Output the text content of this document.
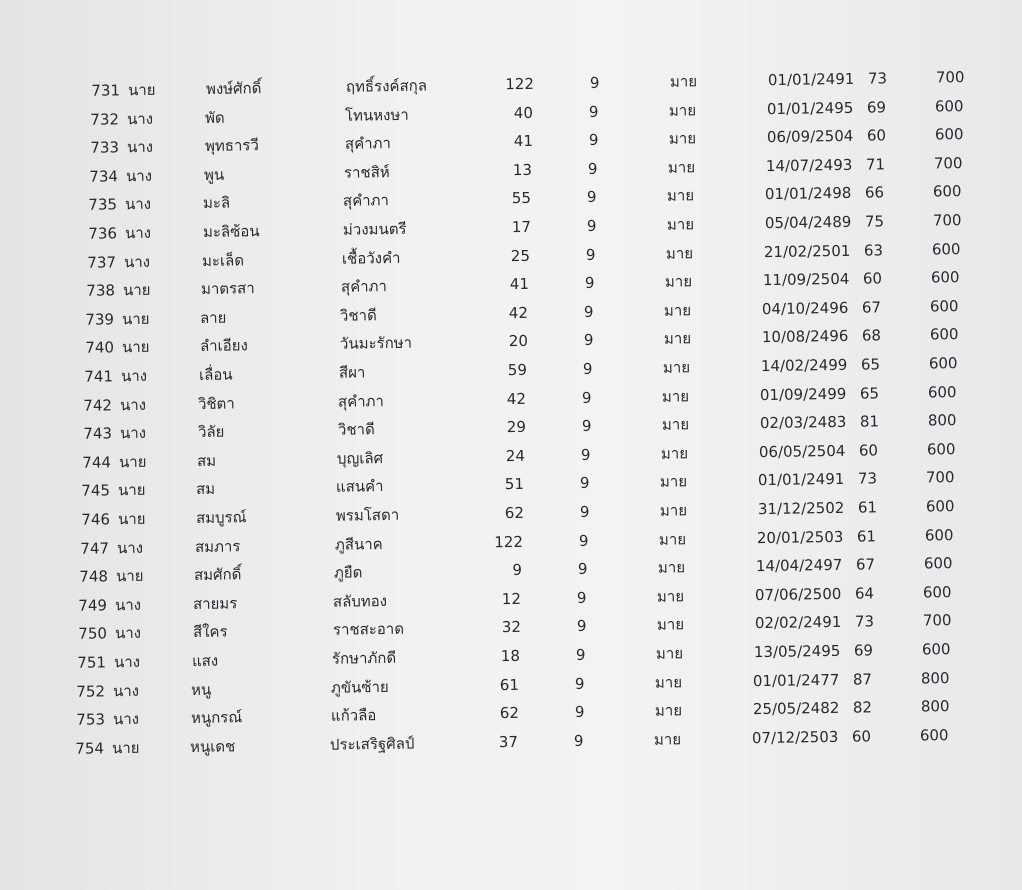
731 นาย	พงษ์ศักดิ์	ฤทธิ์รงค์สกุล	122	9	มาย	01/01/2491 73	700
732 นาง	พัด	โทนหงษา	40	9	มาย	01/01/2495 69	600
733 นาง	พุทธารวี	สุคำภา	41	9	มาย	06/09/2504 60	600
734 นาง	พูน	ราชสิห์	13	9	มาย	14/07/2493 71	700
735 นาง	มะลิ	สุคำภา	55	9	มาย	01/01/2498 66	600
736 นาง	มะลิซ้อน	ม่วงมนตรี	17	9	มาย	05/04/2489 75	700
737 นาง	มะเล็ด	เชื้อวังคำ	25	9	มาย	21/02/2501 63	600
738 นาย	มาตรสา	สุคำภา	41	9	มาย	11/09/2504 60	600
739 นาย	ลาย	วิชาดี	42	9	มาย	04/10/2496 67	600
740 นาย	ลำเอียง	วันมะรักษา	20	9	มาย	10/08/2496 68	600
741 นาง	เลื่อน	สีผา	59	9	มาย	14/02/2499 65	600
742 นาง	วิชิตา	สุคำภา	42	9	มาย	01/09/2499 65	600
743 นาง	วิลัย	วิชาดี	29	9	มาย	02/03/2483 81	800
744 นาย	สม	บุญเลิศ	24	9	มาย	06/05/2504 60	600
745 นาย	สม	แสนคำ	51	9	มาย	01/01/2491 73	700
746 นาย	สมบูรณ์	พรมโสดา	62	9	มาย	31/12/2502 61	600
747 นาง	สมภาร	ภูสีนาค	122	9	มาย	20/01/2503 61	600
748 นาย	สมศักดิ์	ภูยืด	9	9	มาย	14/04/2497 67	600
749 นาง	สายมร	สลับทอง	12	9	มาย	07/06/2500 64	600
750 นาง	สีใคร	ราชสะอาด	32	9	มาย	02/02/2491 73	700
751 นาง	แสง	รักษาภักดี	18	9	มาย	13/05/2495 69	600
752 นาง	หนู	ภูขันซ้าย	61	9	มาย	01/01/2477 87	800
753 นาง	หนูกรณ์	แก้วลือ	62	9	มาย	25/05/2482 82	800
754 นาย	หนูเดช	ประเสริฐศิลป์	37	9	มาย	07/12/2503 60	600
